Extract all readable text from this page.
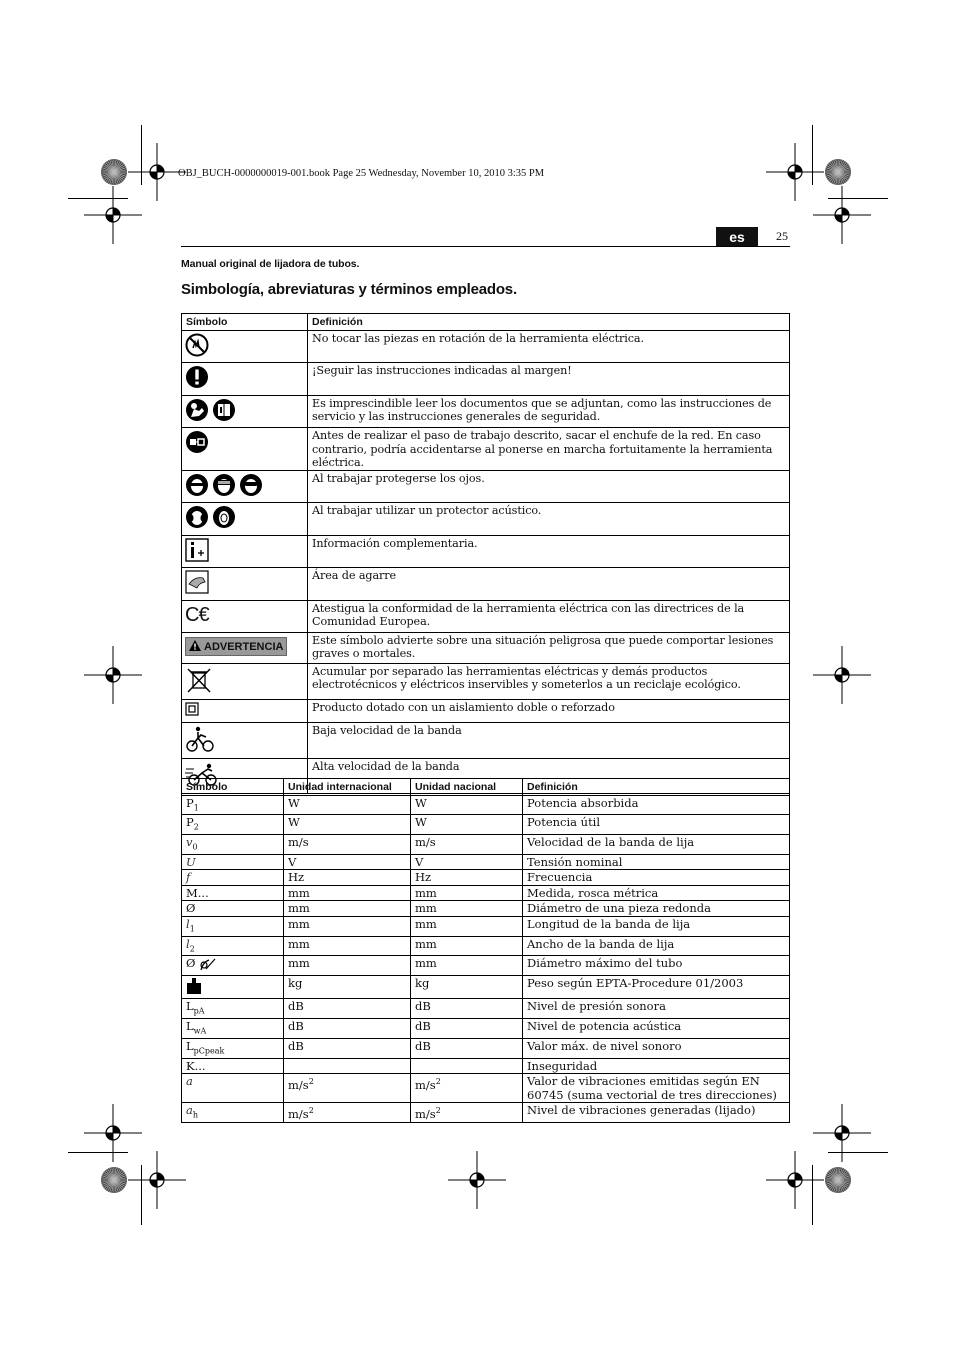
OBJ_BUCH-0000000019-001.book Page 25 Wednesday, November 10, 2010 3:35 PM
es	25
Manual original de lijadora de tubos.
Simbología, abreviaturas y términos empleados.
Símbolo	Definición
	No tocar las piezas en rotación de la herramienta eléctrica.
	¡Seguir las instrucciones indicadas al margen!
	Es imprescindible leer los documentos que se adjuntan, como las instrucciones de servicio y las instrucciones generales de seguridad.
	Antes de realizar el paso de trabajo descrito, sacar el enchufe de la red. En caso contrario, podría accidentarse al ponerse en marcha fortuitamente la herramienta eléctrica.
	Al trabajar protegerse los ojos.
	Al trabajar utilizar un protector acústico.
	Información complementaria.
	Área de agarre
C€	Atestigua la conformidad de la herramienta eléctrica con las directrices de la Comunidad Europea.
ADVERTENCIA	Este símbolo advierte sobre una situación peligrosa que puede comportar lesiones graves o mortales.
	Acumular por separado las herramientas eléctricas y demás productos electrotécnicos y eléctricos inservibles y someterlos a un reciclaje ecológico.
	Producto dotado con un aislamiento doble o reforzado
	Baja velocidad de la banda
	Alta velocidad de la banda
Símbolo	Unidad internacional	Unidad nacional	Definición
$P_1$	W	W	Potencia absorbida
$P_2$	W	W	Potencia útil
$v_0$	m/s	m/s	Velocidad de la banda de lija
U	V	V	Tensión nominal
f	Hz	Hz	Frecuencia
M...	mm	mm	Medida, rosca métrica
Ø	mm	mm	Diámetro de una pieza redonda
$l_1$	mm	mm	Longitud de la banda de lija
$l_2$	mm	mm	Ancho de la banda de lija
Ø	mm	mm	Diámetro máximo del tubo
	kg	kg	Peso según EPTA-Procedure 01/2003
$L_{pA}$	dB	dB	Nivel de presión sonora
$L_{wA}$	dB	dB	Nivel de potencia acústica
$L_{pCpeak}$	dB	dB	Valor máx. de nivel sonoro
K...			Inseguridad
a	$m/s^2$	$m/s^2$	Valor de vibraciones emitidas según EN 60745 (suma vectorial de tres direcciones)
$a_h$	$m/s^2$	$m/s^2$	Nivel de vibraciones generadas (lijado)
